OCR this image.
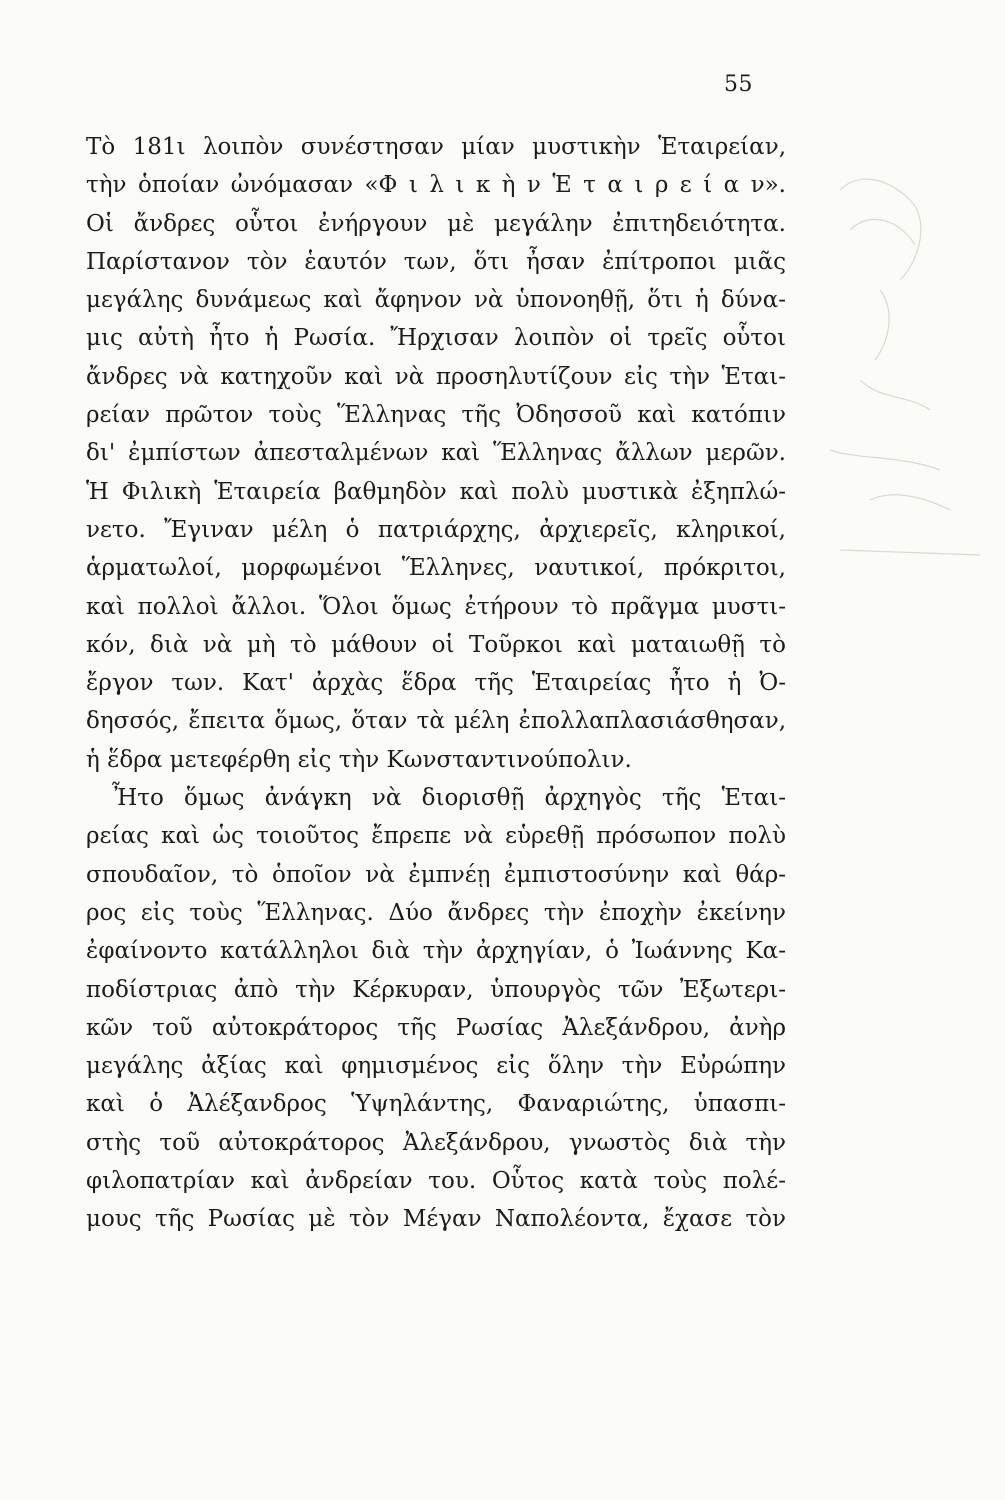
55
Τὸ 181ι λοιπὸν συνέστησαν μίαν μυστικὴν Ἑταιρείαν,
τὴν ὁποίαν ὠνόμασαν «Φ ι λ ι κ ὴ ν Ἑ τ α ι ρ ε ί α ν».
Οἱ ἄνδρες οὗτοι ἐνήργουν μὲ μεγάλην ἐπιτηδειότητα.
Παρίστανον τὸν ἑαυτόν των, ὅτι ἦσαν ἐπίτροποι μιᾶς
μεγάλης δυνάμεως καὶ ἄφηνον νὰ ὑπονοηθῇ, ὅτι ἡ δύνα-
μις αὐτὴ ἦτο ἡ Ρωσία. Ἤρχισαν λοιπὸν οἱ τρεῖς οὗτοι
ἄνδρες νὰ κατηχοῦν καὶ νὰ προσηλυτίζουν εἰς τὴν Ἑται-
ρείαν πρῶτον τοὺς Ἕλληνας τῆς Ὀδησσοῦ καὶ κατόπιν
δι' ἐμπίστων ἀπεσταλμένων καὶ Ἕλληνας ἄλλων μερῶν.
Ἡ Φιλικὴ Ἑταιρεία βαθμηδὸν καὶ πολὺ μυστικὰ ἐξηπλώ-
νετο. Ἔγιναν μέλη ὁ πατριάρχης, ἀρχιερεῖς, κληρικοί,
ἁρματωλοί, μορφωμένοι Ἕλληνες, ναυτικοί, πρόκριτοι,
καὶ πολλοὶ ἄλλοι. Ὅλοι ὅμως ἐτήρουν τὸ πρᾶγμα μυστι-
κόν, διὰ νὰ μὴ τὸ μάθουν οἱ Τοῦρκοι καὶ ματαιωθῇ τὸ
ἔργον των. Κατ' ἀρχὰς ἕδρα τῆς Ἑταιρείας ἦτο ἡ Ὀ-
δησσός, ἔπειτα ὅμως, ὅταν τὰ μέλη ἐπολλαπλασιάσθησαν,
ἡ ἕδρα μετεφέρθη εἰς τὴν Κωνσταντινούπολιν.
Ἦτο ὅμως ἀνάγκη νὰ διορισθῇ ἀρχηγὸς τῆς Ἑται-
ρείας καὶ ὡς τοιοῦτος ἔπρεπε νὰ εὑρεθῇ πρόσωπον πολὺ
σπουδαῖον, τὸ ὁποῖον νὰ ἐμπνέῃ ἐμπιστοσύνην καὶ θάρ-
ρος εἰς τοὺς Ἕλληνας. Δύο ἄνδρες τὴν ἐποχὴν ἐκείνην
ἐφαίνοντο κατάλληλοι διὰ τὴν ἀρχηγίαν, ὁ Ἰωάννης Κα-
ποδίστριας ἀπὸ τὴν Κέρκυραν, ὑπουργὸς τῶν Ἐξωτερι-
κῶν τοῦ αὐτοκράτορος τῆς Ρωσίας Ἀλεξάνδρου, ἀνὴρ
μεγάλης ἀξίας καὶ φημισμένος εἰς ὅλην τὴν Εὐρώπην
καὶ ὁ Ἀλέξανδρος Ὑψηλάντης, Φαναριώτης, ὑπασπι-
στὴς τοῦ αὐτοκράτορος Ἀλεξάνδρου, γνωστὸς διὰ τὴν
φιλοπατρίαν καὶ ἀνδρείαν του. Οὗτος κατὰ τοὺς πολέ-
μους τῆς Ρωσίας μὲ τὸν Μέγαν Ναπολέοντα, ἔχασε τὸν
